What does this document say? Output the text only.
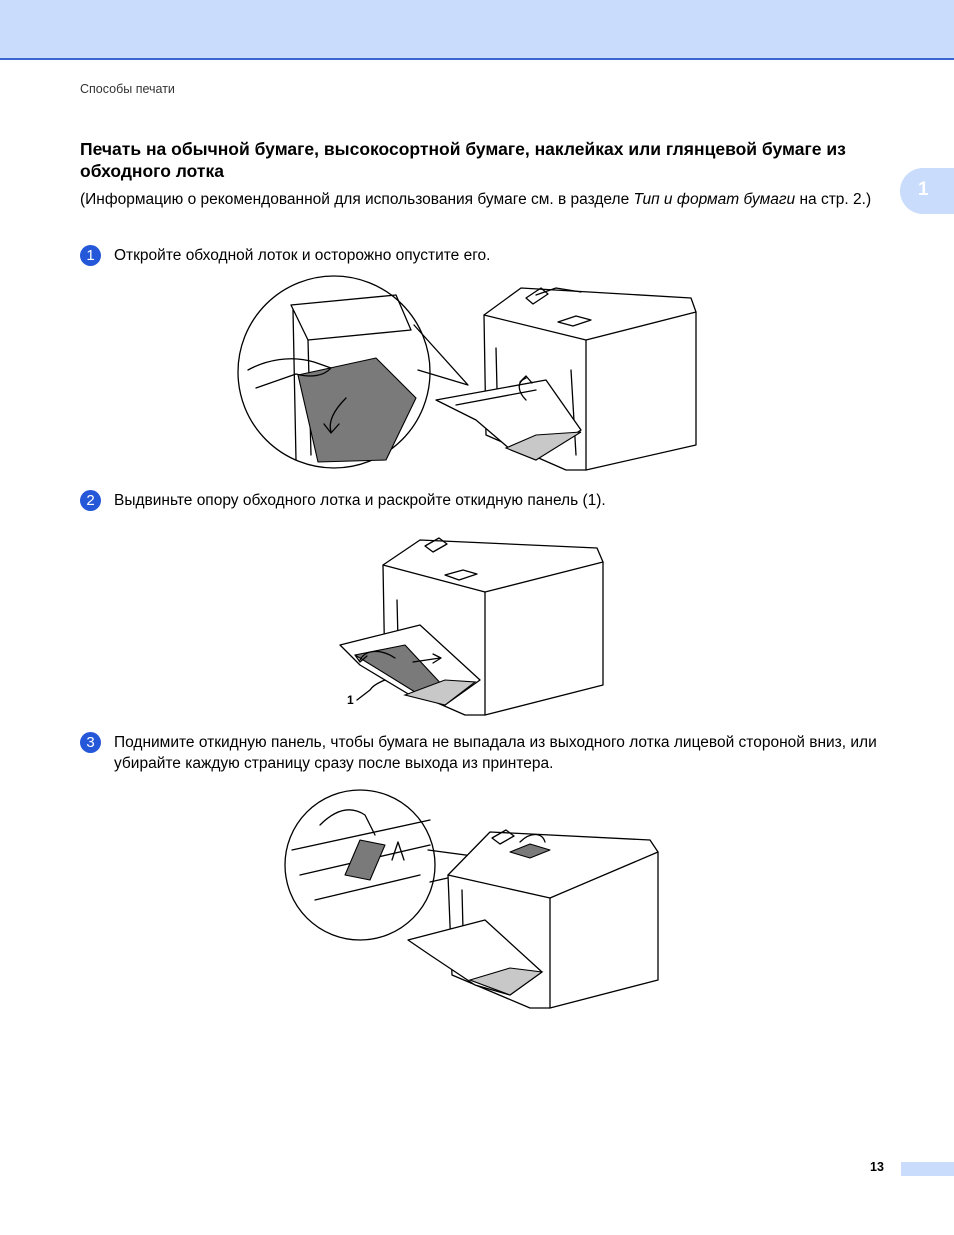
Способы печати
1
Печать на обычной бумаге, высокосортной бумаге, наклейках или глянцевой бумаге из обходного лотка
(Информацию о рекомендованной для использования бумаге см. в разделе Тип и формат бумаги на стр. 2.)
1	Откройте обходной лоток и осторожно опустите его.
2	Выдвиньте опору обходного лотка и раскройте откидную панель (1).
1
3	Поднимите откидную панель, чтобы бумага не выпадала из выходного лотка лицевой стороной вниз, или убирайте каждую страницу сразу после выхода из принтера.
13
